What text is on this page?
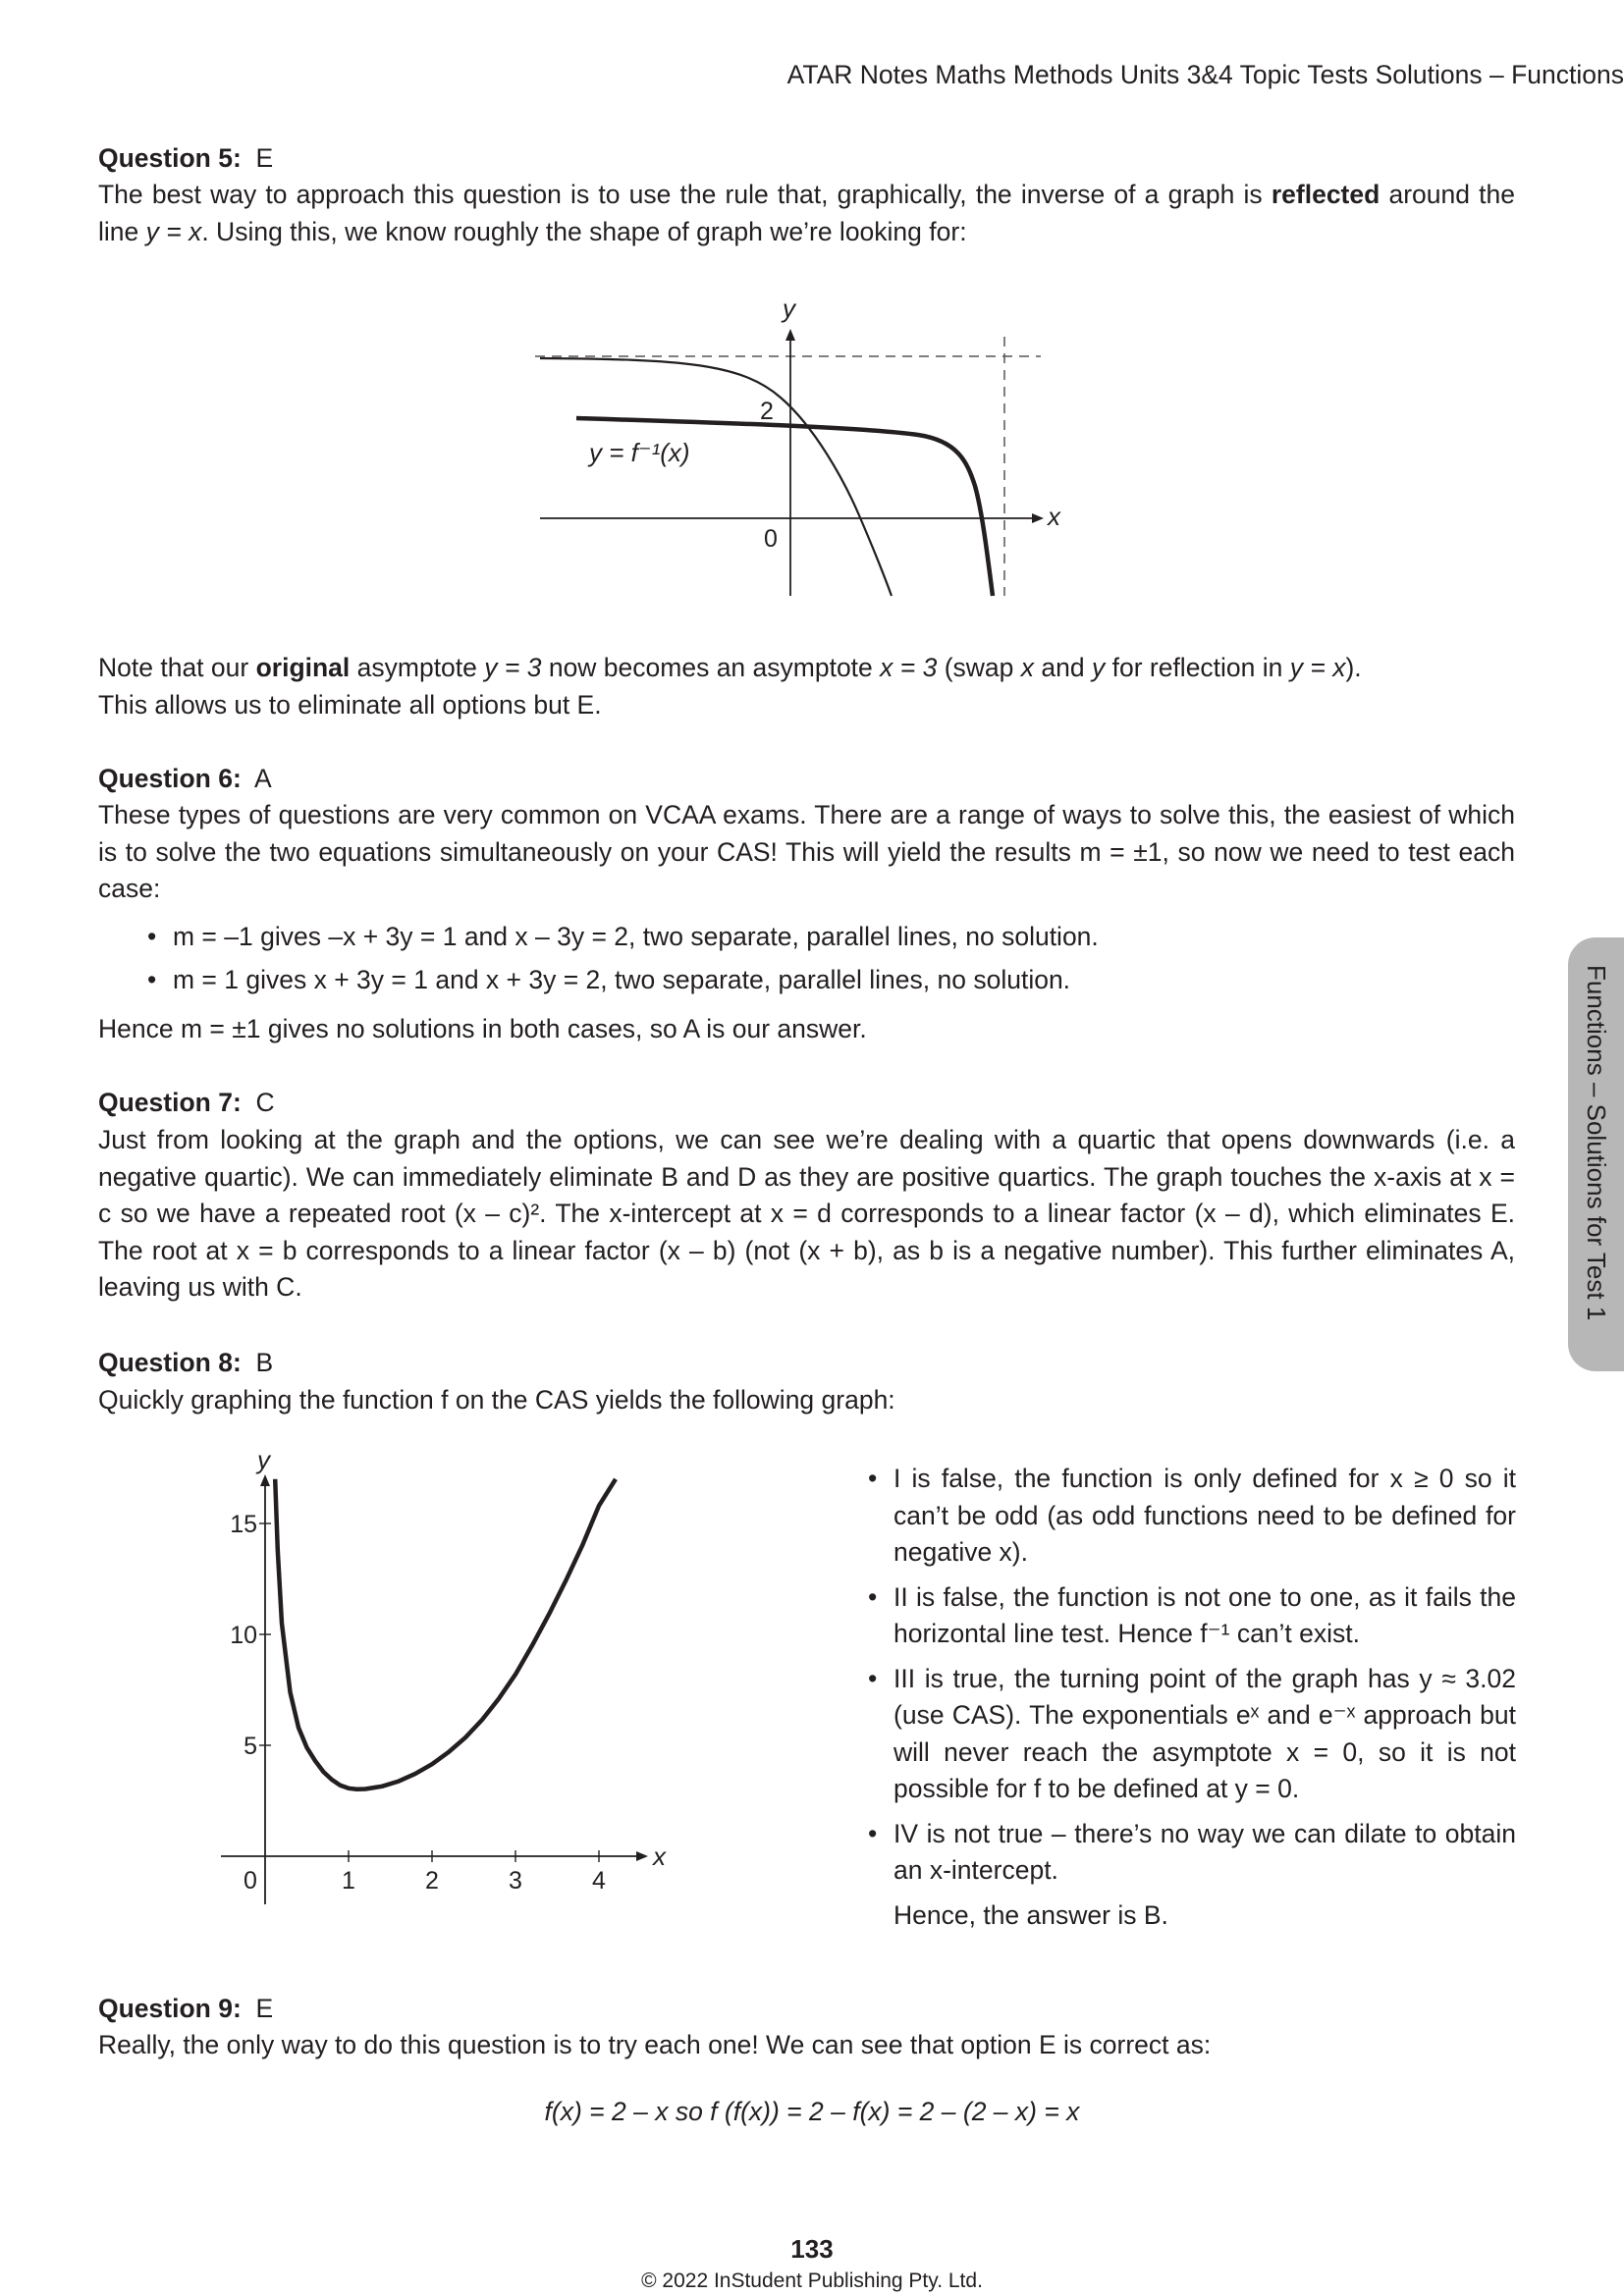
ATAR Notes Maths Methods Units 3&4 Topic Tests Solutions – Functions
Functions – Solutions for Test 1
Question 5: E
The best way to approach this question is to use the rule that, graphically, the inverse of a graph is reflected around the line y = x. Using this, we know roughly the shape of graph we’re looking for:
y
x
2
0
y = f⁻¹(x)
Note that our original asymptote y = 3 now becomes an asymptote x = 3 (swap x and y for reflection in y = x).
This allows us to eliminate all options but E.
Question 6: A
These types of questions are very common on VCAA exams. There are a range of ways to solve this, the easiest of which is to solve the two equations simultaneously on your CAS! This will yield the results m = ±1, so now we need to test each case:
• m = –1 gives –x + 3y = 1 and x – 3y = 2, two separate, parallel lines, no solution.
• m = 1 gives x + 3y = 1 and x + 3y = 2, two separate, parallel lines, no solution.
Hence m = ±1 gives no solutions in both cases, so A is our answer.
Question 7: C
Just from looking at the graph and the options, we can see we’re dealing with a quartic that opens downwards (i.e. a negative quartic). We can immediately eliminate B and D as they are positive quartics. The graph touches the x-axis at x = c so we have a repeated root (x – c)². The x-intercept at x = d corresponds to a linear factor (x – d), which eliminates E. The root at x = b corresponds to a linear factor (x – b) (not (x + b), as b is a negative number). This further eliminates A, leaving us with C.
Question 8: B
Quickly graphing the function f on the CAS yields the following graph:
0	1	2	3	4
5
10
15
x
y
• I is false, the function is only defined for x ≥ 0 so it can’t be odd (as odd functions need to be defined for negative x).
• II is false, the function is not one to one, as it fails the horizontal line test. Hence f⁻¹ can’t exist.
• III is true, the turning point of the graph has y ≈ 3.02 (use CAS). The exponentials eˣ and e⁻ˣ approach but will never reach the asymptote x = 0, so it is not possible for f to be defined at y = 0.
• IV is not true – there’s no way we can dilate to obtain an x-intercept.
Hence, the answer is B.
Question 9: E
Really, the only way to do this question is to try each one! We can see that option E is correct as:
f(x) = 2 – x so f (f(x)) = 2 – f(x) = 2 – (2 – x) = x
133
© 2022 InStudent Publishing Pty. Ltd.
